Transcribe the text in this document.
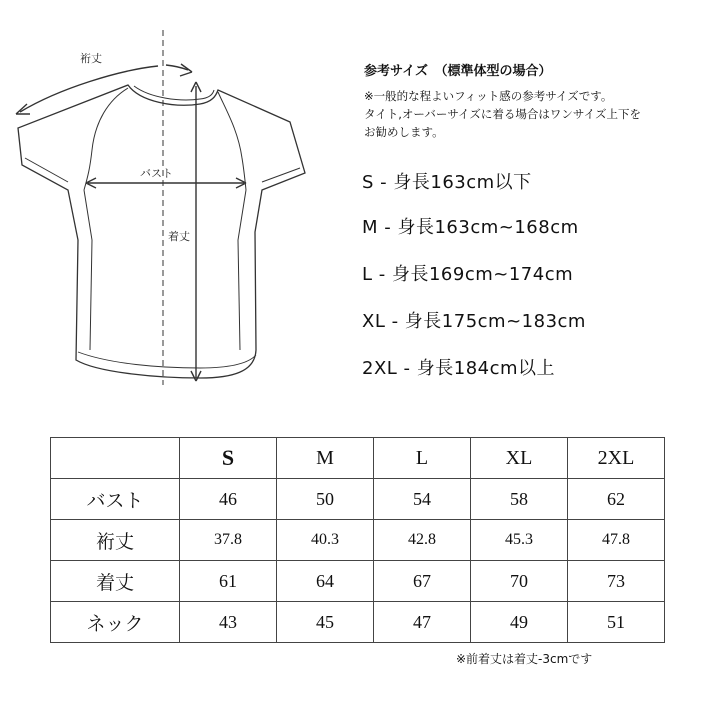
裄丈
バスト
着丈
参考サイズ　（標準体型の場合）
※一般的な程よいフィット感の参考サイズです。
タイト,オーバーサイズに着る場合はワンサイズ上下を
お勧めします。
S - 身長163cm以下
M - 身長163cm~168cm
L - 身長169cm~174cm
XL - 身長175cm~183cm
2XL - 身長184cm以上
	S	M	L	XL	2XL
バスト	46	50	54	58	62
裄丈	37.8	40.3	42.8	45.3	47.8
着丈	61	64	67	70	73
ネック	43	45	47	49	51
※前着丈は着丈-3cmです
